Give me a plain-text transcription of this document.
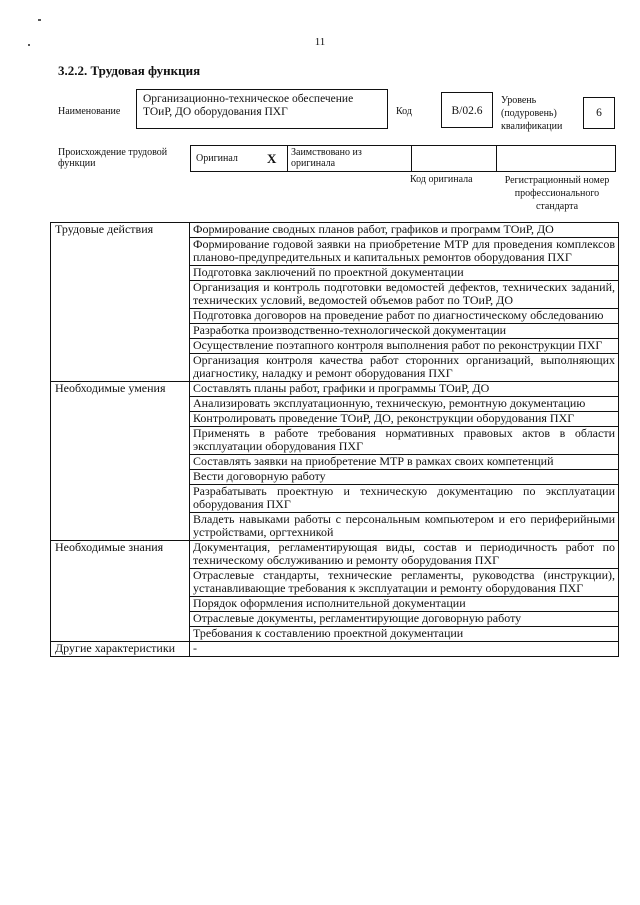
11
3.2.2. Трудовая функция
Наименование
Организационно-техническое обеспечение ТОиР, ДО оборудования ПХГ	Код	В/02.6
Уровень (подуровень) квалификации
6
Происхождение трудовой функции	Оригинал X Заимствовано из оригинала
Код оригинала	Регистрационный номер профессионального стандарта
Трудовые действия	Формирование сводных планов работ, графиков и программ ТОиР, ДО
	Формирование годовой заявки на приобретение МТР для проведения комплексов планово-предупредительных и капитальных ремонтов оборудования ПХГ
	Подготовка заключений по проектной документации
	Организация и контроль подготовки ведомостей дефектов, технических заданий, технических условий, ведомостей объемов работ по ТОиР, ДО
	Подготовка договоров на проведение работ по диагностическому обследованию
	Разработка производственно-технологической документации
	Осуществление поэтапного контроля выполнения работ по реконструкции ПХГ
	Организация контроля качества работ сторонних организаций, выполняющих диагностику, наладку и ремонт оборудования ПХГ
Необходимые умения	Составлять планы работ, графики и программы ТОиР, ДО
	Анализировать эксплуатационную, техническую, ремонтную документацию
	Контролировать проведение ТОиР, ДО, реконструкции оборудования ПХГ
	Применять в работе требования нормативных правовых актов в области эксплуатации оборудования ПХГ
	Составлять заявки на приобретение МТР в рамках своих компетенций
	Вести договорную работу
	Разрабатывать проектную и техническую документацию по эксплуатации оборудования ПХГ
	Владеть навыками работы с персональным компьютером и его периферийными устройствами, оргтехникой
Необходимые знания	Документация, регламентирующая виды, состав и периодичность работ по техническому обслуживанию и ремонту оборудования ПХГ
	Отраслевые стандарты, технические регламенты, руководства (инструкции), устанавливающие требования к эксплуатации и ремонту оборудования ПХГ
	Порядок оформления исполнительной документации
	Отраслевые документы, регламентирующие договорную работу
	Требования к составлению проектной документации
Другие характеристики	-
